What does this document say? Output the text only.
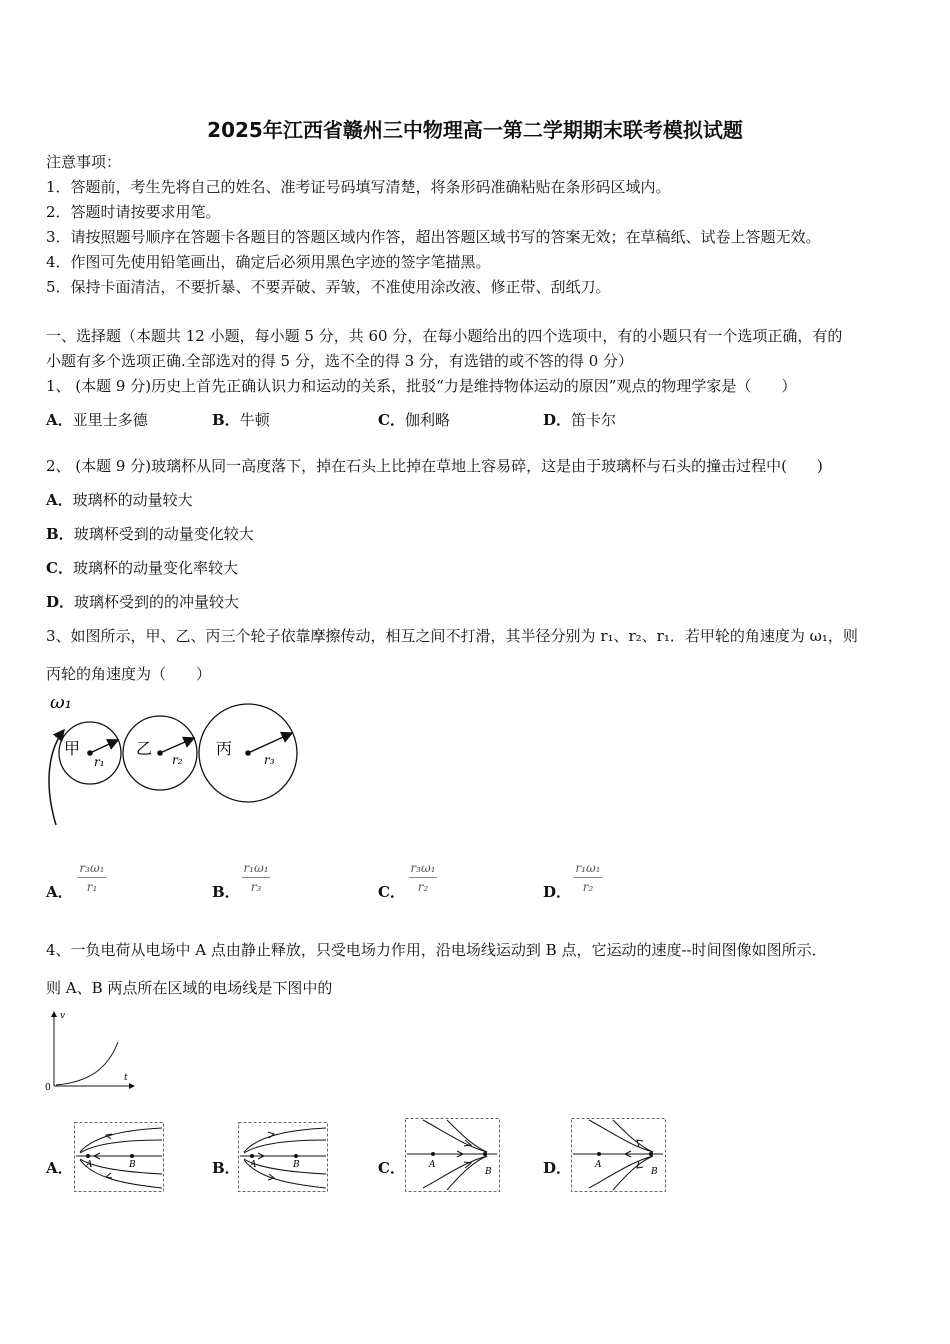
2025年江西省赣州三中物理高一第二学期期末联考模拟试题
注意事项：
1．答题前，考生先将自己的姓名、准考证号码填写清楚，将条形码准确粘贴在条形码区域内。
2．答题时请按要求用笔。
3．请按照题号顺序在答题卡各题目的答题区域内作答，超出答题区域书写的答案无效；在草稿纸、试卷上答题无效。
4．作图可先使用铅笔画出，确定后必须用黑色字迹的签字笔描黑。
5．保持卡面清洁，不要折暴、不要弄破、弄皱，不准使用涂改液、修正带、刮纸刀。
一、选择题（本题共 12 小题，每小题 5 分，共 60 分，在每小题给出的四个选项中，有的小题只有一个选项正确，有的
小题有多个选项正确.全部选对的得 5 分，选不全的得 3 分，有选错的或不答的得 0 分）
1、 (本题 9 分)历史上首先正确认识力和运动的关系，批驳“力是维持物体运动的原因”观点的物理学家是（　　）
A．亚里士多德	B．牛顿	C．伽利略	D．笛卡尔
2、 (本题 9 分)玻璃杯从同一高度落下，掉在石头上比掉在草地上容易碎，这是由于玻璃杯与石头的撞击过程中(　　)
A．玻璃杯的动量较大
B．玻璃杯受到的动量变化较大
C．玻璃杯的动量变化率较大
D．玻璃杯受到的的冲量较大
3、如图所示，甲、乙、丙三个轮子依靠摩擦传动，相互之间不打滑，其半径分别为 r₁、r₂、r₁．若甲轮的角速度为 ω₁，则
丙轮的角速度为（　　）
ω₁
甲	乙	丙
r₁	r₂	r₃
A．
r₃ω₁
r₁	B．
r₁ω₁
r₃	C．
r₃ω₁
r₂	D．
r₁ω₁
r₂
4、一负电荷从电场中 A 点由静止释放，只受电场力作用，沿电场线运动到 B 点，它运动的速度--时间图像如图所示．
则 A、B 两点所在区域的电场线是下图中的
v
t
0
A． A	B	B． A	B	C．	A
B	D．	A
B
